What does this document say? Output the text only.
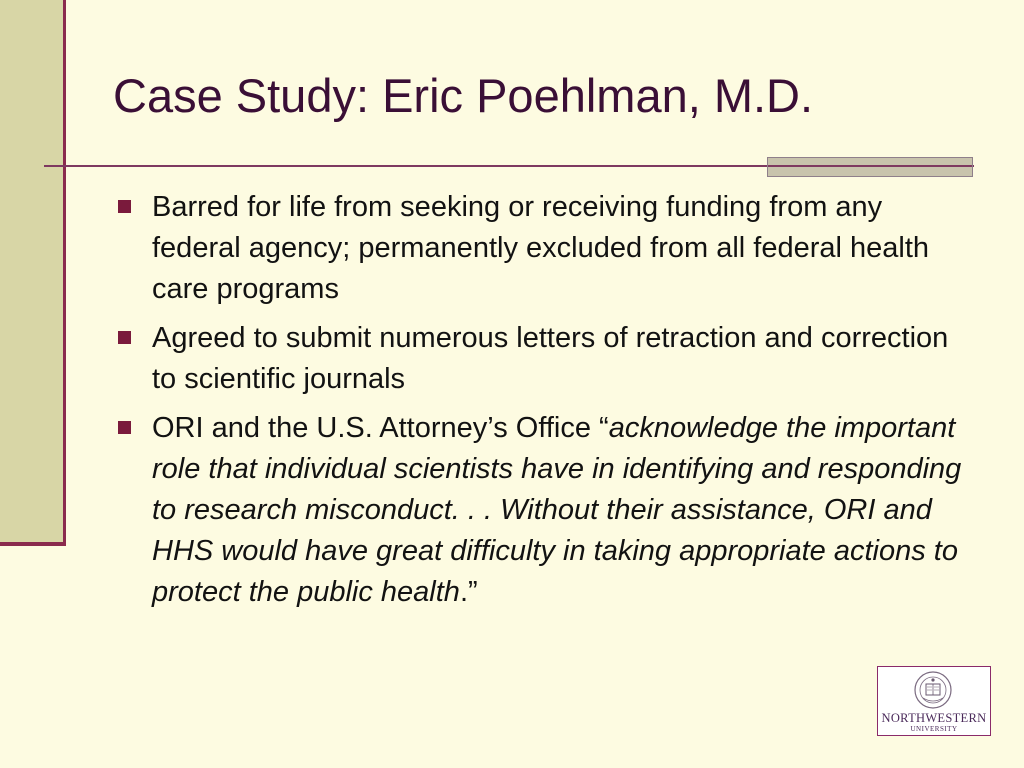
Case Study: Eric Poehlman, M.D.
Barred for life from seeking or receiving funding from any federal agency; permanently excluded from all federal health care programs
Agreed to submit numerous letters of retraction and correction to scientific journals
ORI and the U.S. Attorney’s Office “acknowledge the important role that individual scientists have in identifying and responding to research misconduct. . . Without their assistance, ORI and HHS would have great difficulty in taking appropriate actions to protect the public health.”
NORTHWESTERN
UNIVERSITY
